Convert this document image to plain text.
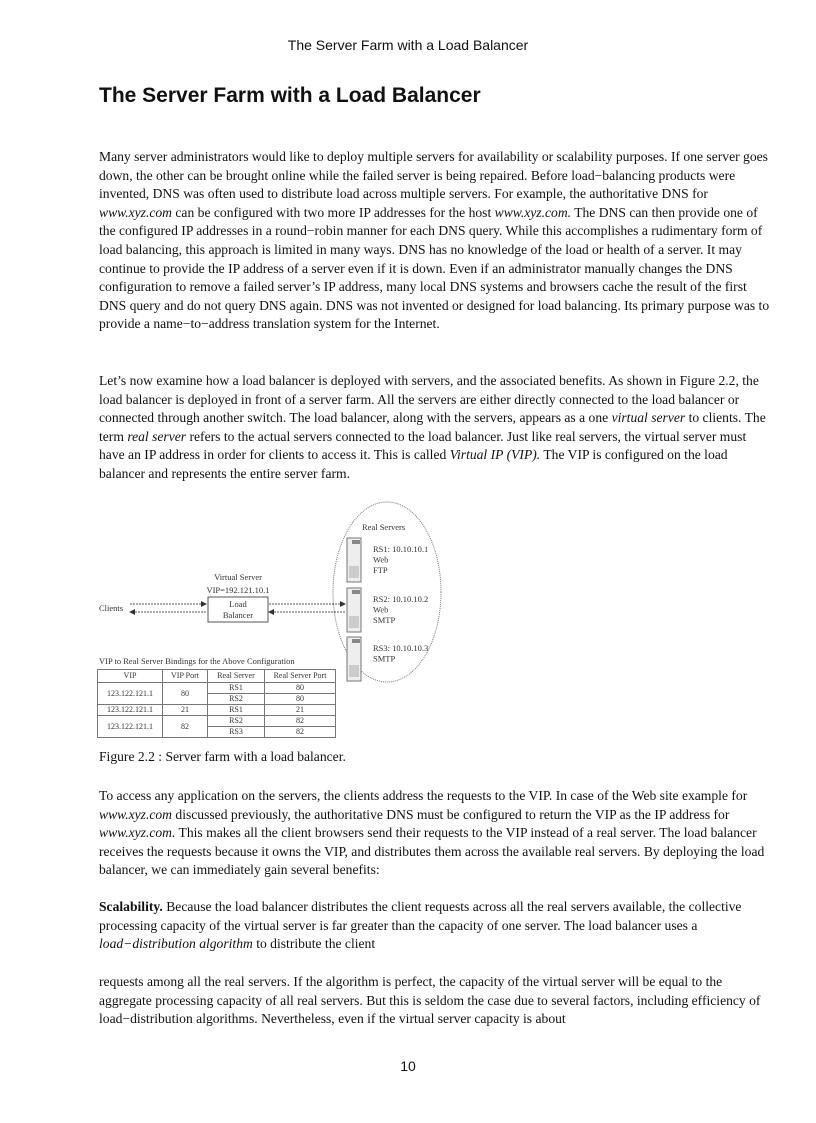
The Server Farm with a Load Balancer
The Server Farm with a Load Balancer

Many server administrators would like to deploy multiple servers for availability or scalability purposes. If one server goes down, the other can be brought online while the failed server is being repaired. Before load−balancing products were invented, DNS was often used to distribute load across multiple servers. For example, the authoritative DNS for www.xyz.com can be configured with two more IP addresses for the host www.xyz.com. The DNS can then provide one of the configured IP addresses in a round−robin manner for each DNS query. While this accomplishes a rudimentary form of load balancing, this approach is limited in many ways. DNS has no knowledge of the load or health of a server. It may continue to provide the IP address of a server even if it is down. Even if an administrator manually changes the DNS configuration to remove a failed server’s IP address, many local DNS systems and browsers cache the result of the first DNS query and do not query DNS again. DNS was not invented or designed for load balancing. Its primary purpose was to provide a name−to−address translation system for the Internet.

Let’s now examine how a load balancer is deployed with servers, and the associated benefits. As shown in Figure 2.2, the load balancer is deployed in front of a server farm. All the servers are either directly connected to the load balancer or connected through another switch. The load balancer, along with the servers, appears as a one virtual server to clients. The term real server refers to the actual servers connected to the load balancer. Just like real servers, the virtual server must have an IP address in order for clients to access it. This is called Virtual IP (VIP). The VIP is configured on the load balancer and represents the entire server farm.

To access any application on the servers, the clients address the requests to the VIP. In case of the Web site example for www.xyz.com discussed previously, the authoritative DNS must be configured to return the VIP as the IP address for www.xyz.com. This makes all the client browsers send their requests to the VIP instead of a real server. The load balancer receives the requests because it owns the VIP, and distributes them across the available real servers. By deploying the load balancer, we can immediately gain several benefits:

Scalability. Because the load balancer distributes the client requests across all the real servers available, the collective processing capacity of the virtual server is far greater than the capacity of one server. The load balancer uses a load−distribution algorithm to distribute the client

requests among all the real servers. If the algorithm is perfect, the capacity of the virtual server will be equal to the aggregate processing capacity of all real servers. But this is seldom the case due to several factors, including efficiency of load−distribution algorithms. Nevertheless, even if the virtual server capacity is about

Clients
Virtual Server
VIP=192.121.10.1
Load
Balancer
Real Servers
RS1: 10.10.10.1
Web
FTP
RS2: 10.10.10.2
Web
SMTP
RS3: 10.10.10.3
SMTP
VIP to Real Server Bindings for the Above Configuration
VIP	VIP Port	Real Server	Real Server Port
123.122.121.1	80	RS1	80
		RS2	80
123.122.121.1	21	RS1	21
123.122.121.1	82	RS2	82
		RS3	82
Figure 2.2 : Server farm with a load balancer.
10
